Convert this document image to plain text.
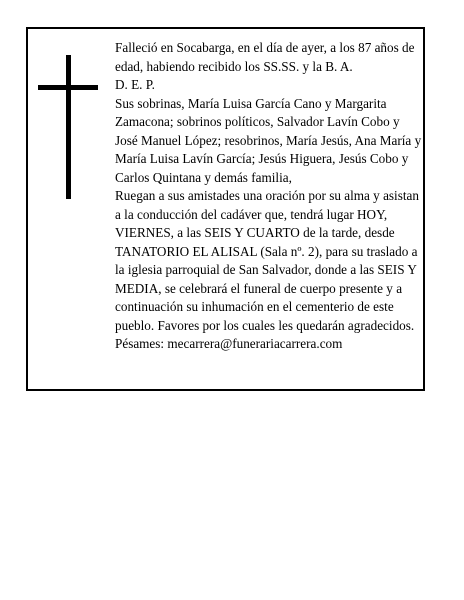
Falleció en Socabarga, en el día de ayer, a los 87 años de edad, habiendo recibido los SS.SS. y la B. A.

D. E. P.

Sus sobrinas, María Luisa García Cano y Margarita Zamacona; sobrinos políticos, Salvador Lavín Cobo y José Manuel López; resobrinos, María Jesús, Ana María y María Luisa Lavín García; Jesús Higuera, Jesús Cobo y Carlos Quintana y demás familia,

Ruegan a sus amistades una oración por su alma y asistan a la conducción del cadáver que, tendrá lugar HOY, VIERNES, a las SEIS Y CUARTO de la tarde, desde TANATORIO EL ALISAL (Sala nº. 2), para su traslado a la iglesia parroquial de San Salvador, donde a las SEIS Y MEDIA, se celebrará el funeral de cuerpo presente y a continuación su inhumación en el cementerio de este pueblo. Favores por los cuales les quedarán agradecidos.

Pésames: mecarrera@funerariacarrera.com
